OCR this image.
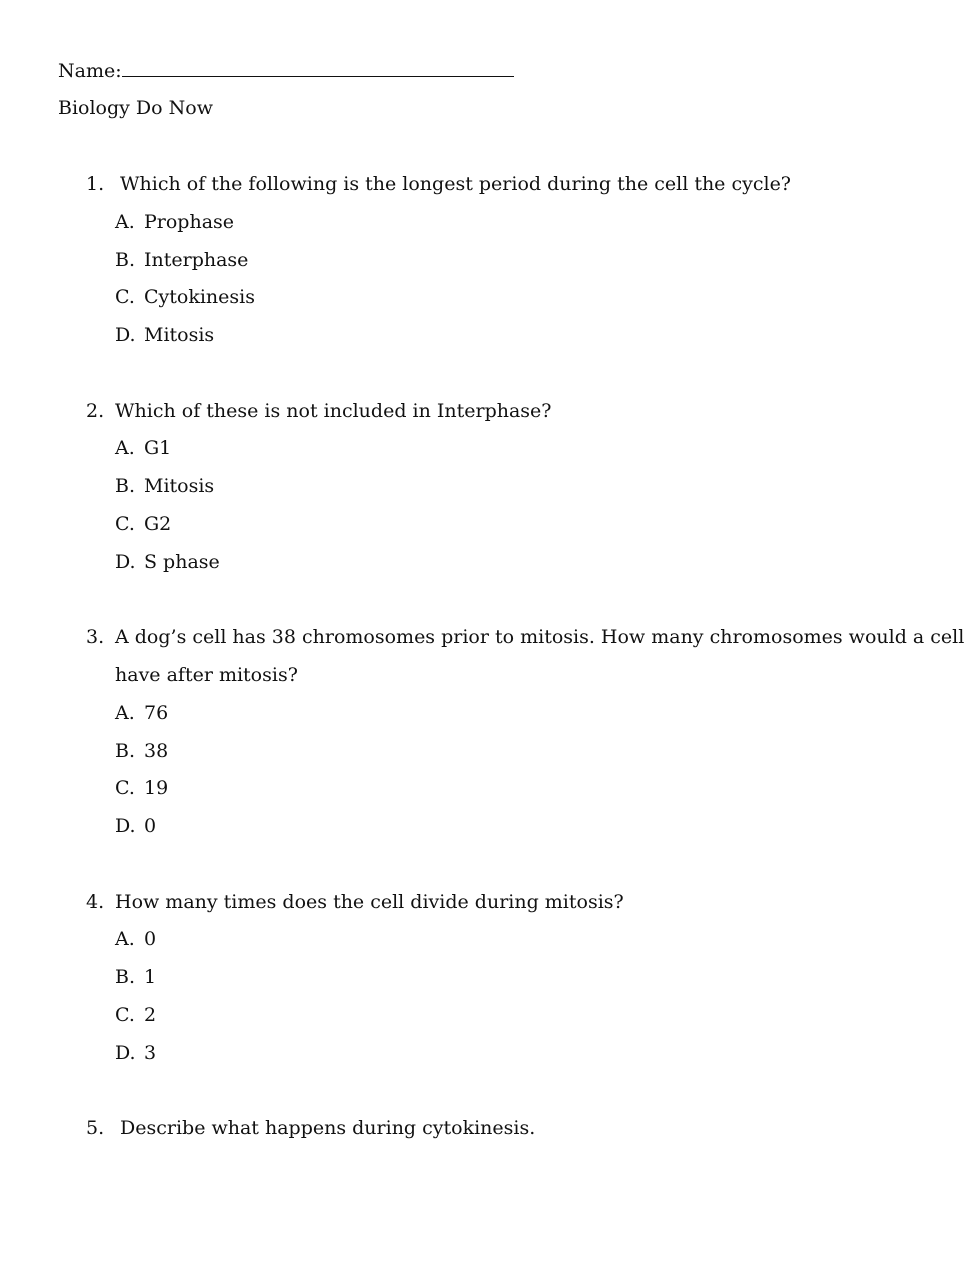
Name:
Biology Do Now
1. Which of the following is the longest period during the cell the cycle?
A. Prophase
B. Interphase
C. Cytokinesis
D. Mitosis
2. Which of these is not included in Interphase?
A. G1
B. Mitosis
C. G2
D. S phase
3. A dog’s cell has 38 chromosomes prior to mitosis. How many chromosomes would a cell
have after mitosis?
A. 76
B. 38
C. 19
D. 0
4. How many times does the cell divide during mitosis?
A. 0
B. 1
C. 2
D. 3
5. Describe what happens during cytokinesis.
